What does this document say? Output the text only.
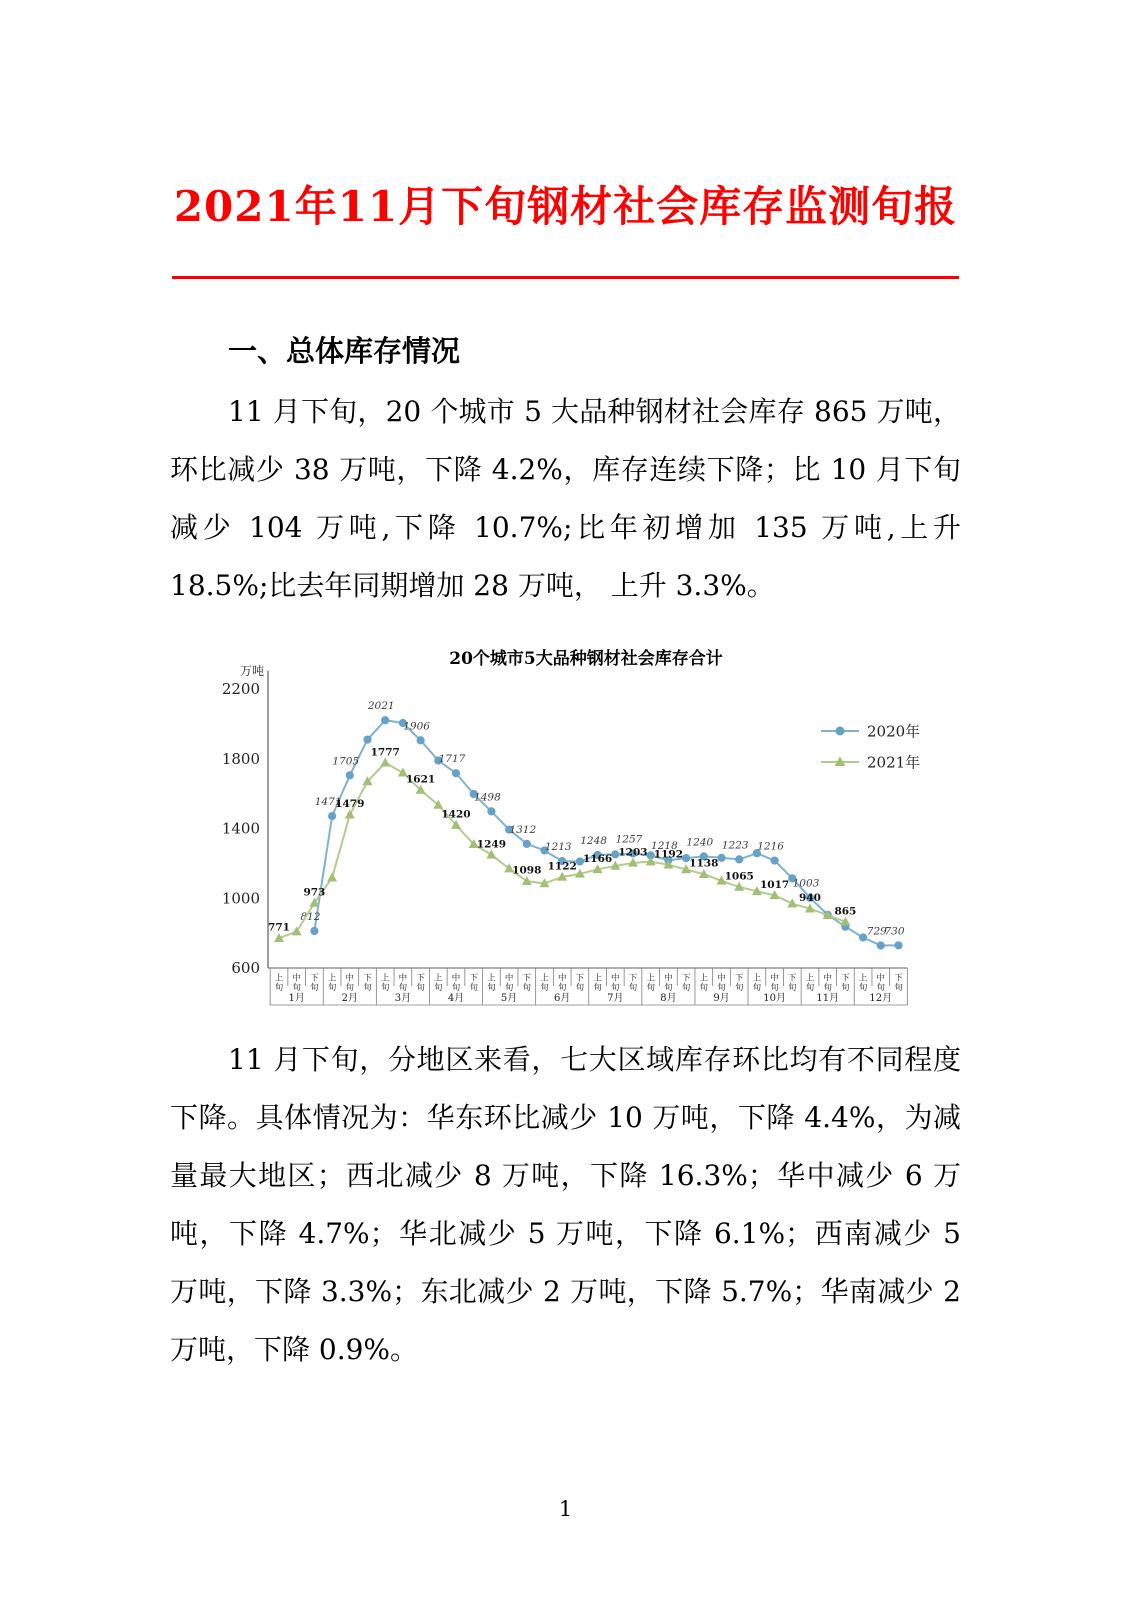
2021年11月下旬钢材社会库存监测旬报
一、总体库存情况

11 月下旬，20 个城市 5 大品种钢材社会库存 865 万吨，环比减少 38 万吨，下降 4.2%，库存连续下降；比 10 月下旬减少 104 万吨,下降 10.7%;比年初增加 135 万吨,上升 18.5%;比去年同期增加 28 万吨， 上升 3.3%。

600
1000
1400
1800
2200
万吨
20个城市5大品种钢材社会库存合计
上旬
中旬
下旬
上旬
中旬
下旬
上旬
中旬
下旬
上旬
中旬
下旬
上旬
中旬
下旬
上旬
中旬
下旬
上旬
中旬
下旬
上旬
中旬
下旬
上旬
中旬
下旬
上旬
中旬
下旬
上旬
中旬
下旬
上旬
中旬
下旬
1月	2月	3月	4月	5月	6月	7月	8月	9月	10月	11月	12月
812
1471
1705
2021
1906
1717
1498
1312
1213
1248 1257
1218 1240 1223 1216
1003
729
730
771
973
1479
1777
1621
1420
1249
1098 1122
1166
1203 1192
1138
1065
1017
940
865
2020年
2021年

11 月下旬，分地区来看，七大区域库存环比均有不同程度下降。具体情况为：华东环比减少 10 万吨，下降 4.4%，为减量最大地区；西北减少 8 万吨，下降 16.3%；华中减少 6 万吨，下降 4.7%；华北减少 5 万吨，下降 6.1%；西南减少 5 万吨，下降 3.3%；东北减少 2 万吨，下降 5.7%；华南减少 2 万吨，下降 0.9%。

1
